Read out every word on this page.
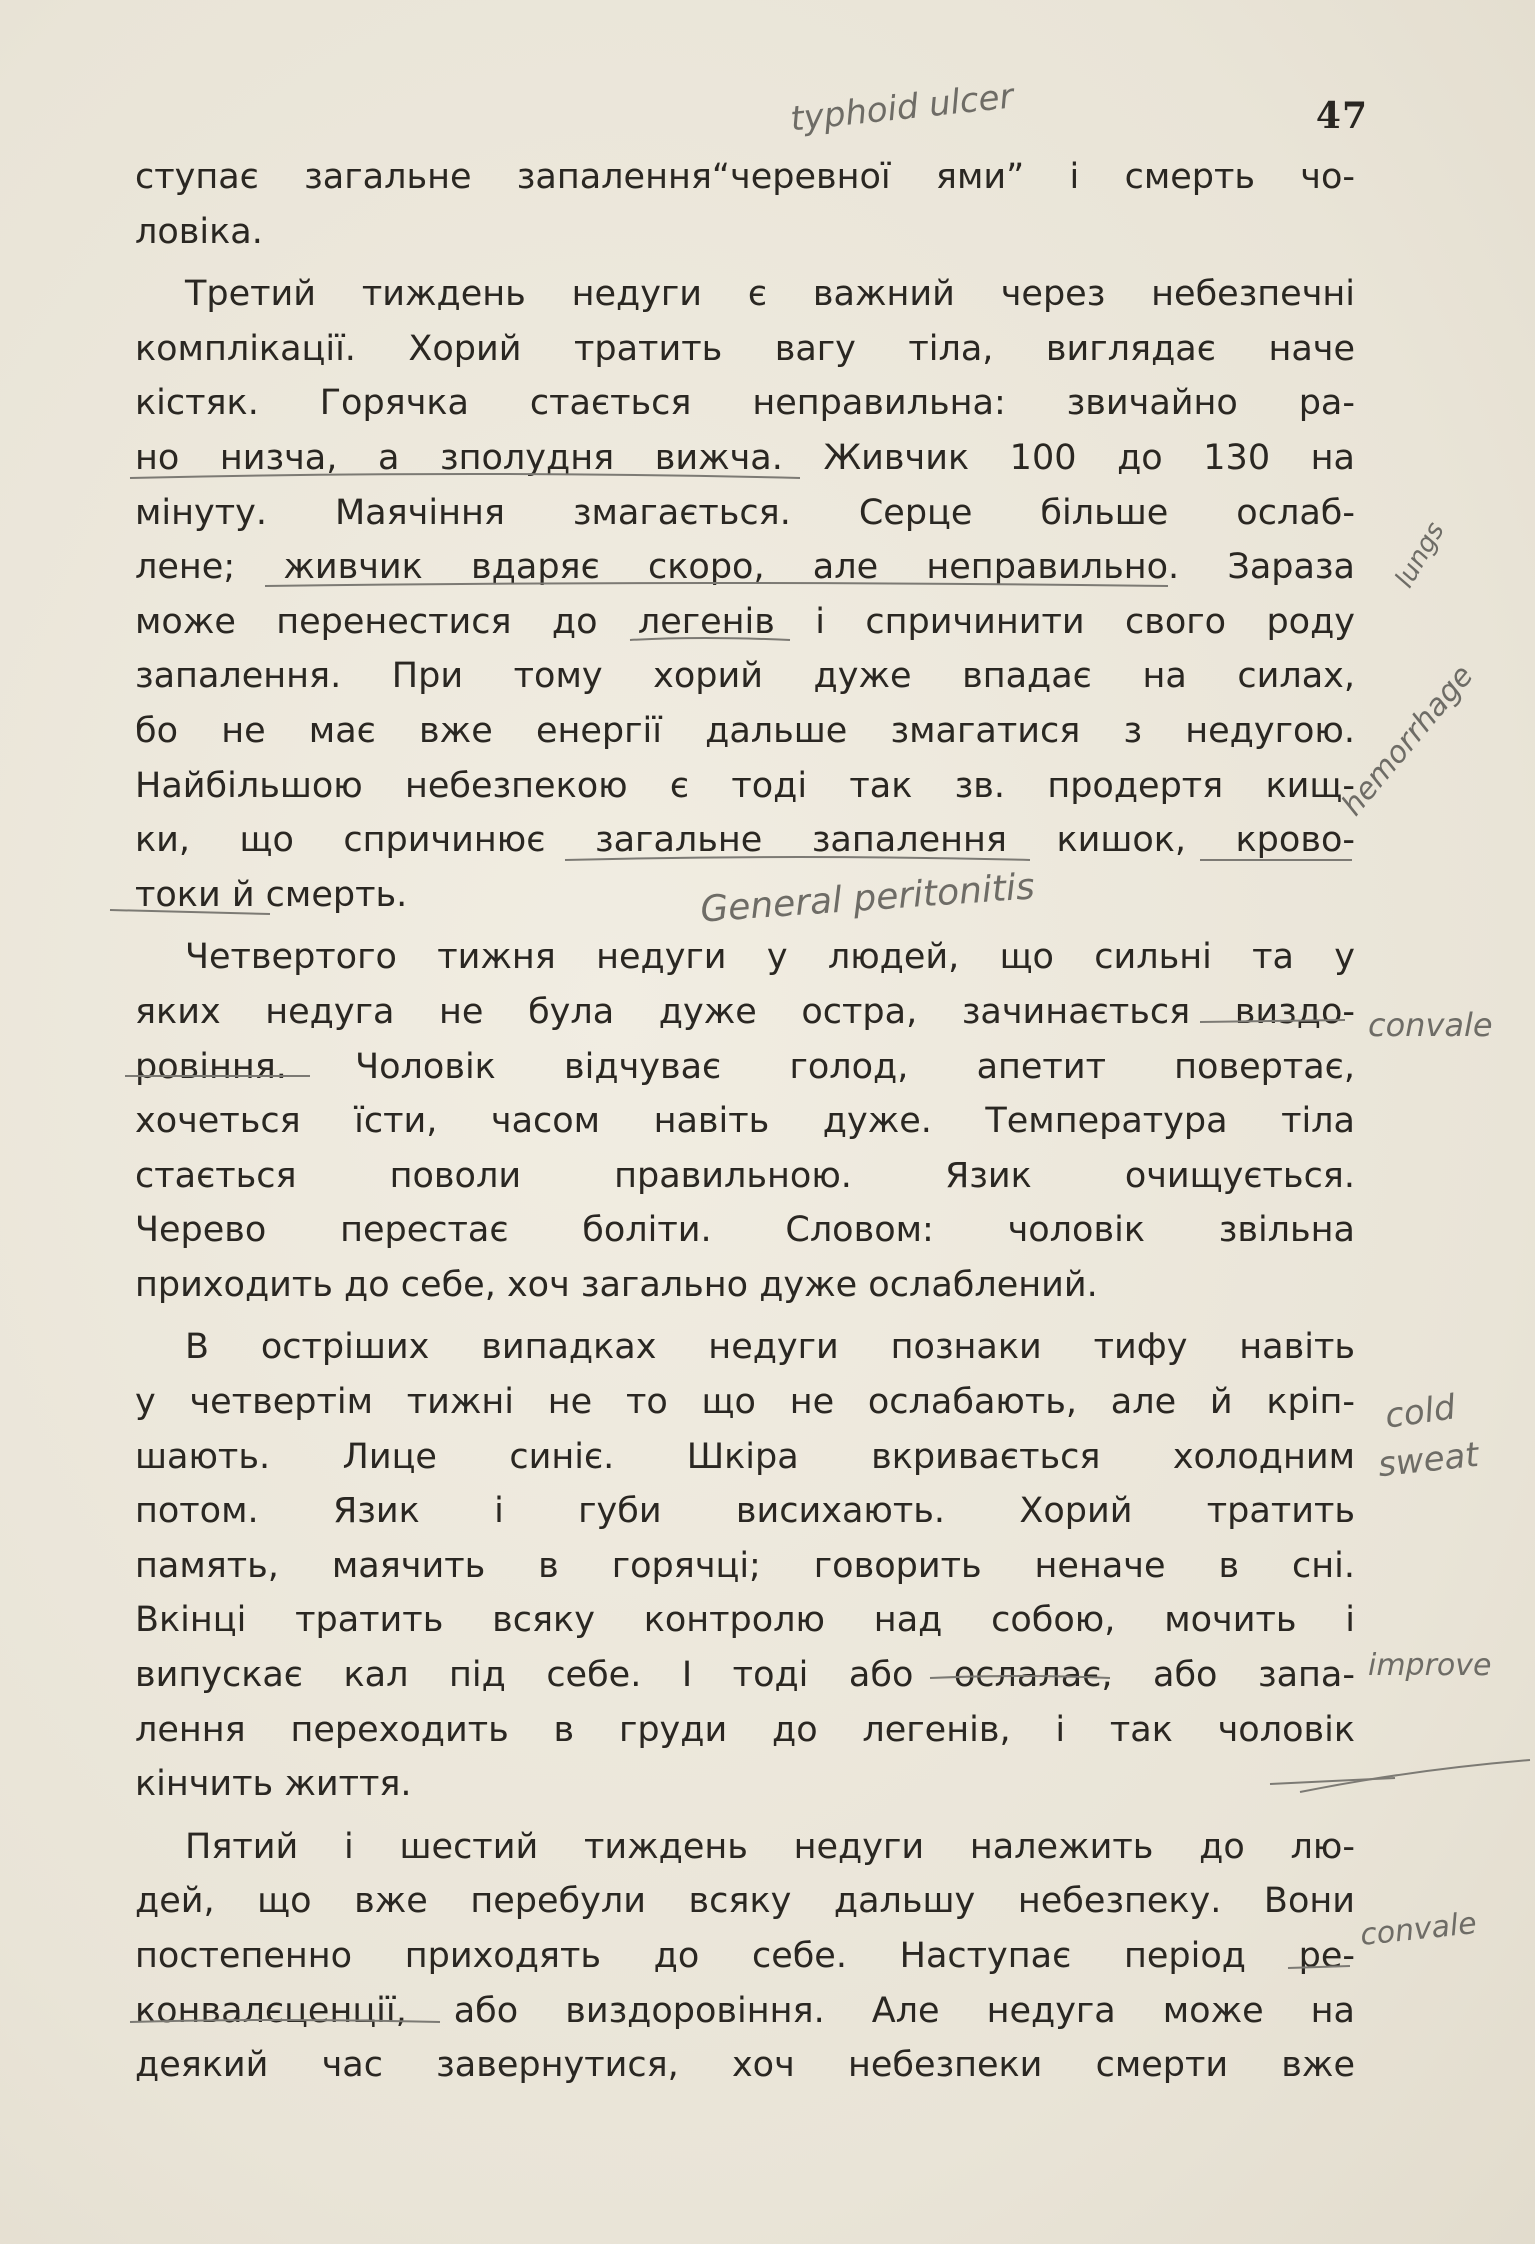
47
ступає загальне запалення“черевної ями” і смерть чо-
ловіка.
Третий тиждень недуги є важний через небезпечні
комплікації. Хорий тратить вагу тіла, виглядає наче
кістяк. Горячка стається неправильна: звичайно ра-
но низча, а зполудня вижча. Живчик 100 до 130 на
мінуту. Маячіння змагається. Серце більше ослаб-
лене; живчик вдаряє скоро, але неправильно. Зараза
може перенестися до легенів і спричинити свого роду
запалення. При тому хорий дуже впадає на силах,
бо не має вже енергії дальше змагатися з недугою.
Найбільшою небезпекою є тоді так зв. продертя кищ-
ки, що спричинює загальне запалення кишок, крово-
токи й смерть.
Четвертого тижня недуги у людей, що сильні та у
яких недуга не була дуже остра, зачинається виздо-
ровіння. Чоловік відчуває голод, апетит повертає,
хочеться їсти, часом навіть дуже. Температура тіла
стається поволи правильною. Язик очищується.
Черево перестає боліти. Словом: чоловік звільна
приходить до себе, хоч загально дуже ослаблений.
В остріших випадках недуги познаки тифу навіть
у четвертім тижні не то що не ослабають, але й кріп-
шають. Лице синіє. Шкіра вкривається холодним
потом. Язик і губи висихають. Хорий тратить
память, маячить в горячці; говорить неначе в сні.
Вкінці тратить всяку контролю над собою, мочить і
випускає кал під себе. І тоді або ослалає, або запа-
лення переходить в груди до легенів, і так чоловік
кінчить життя.
Пятий і шестий тиждень недуги належить до лю-
дей, що вже перебули всяку дальшу небезпеку. Вони
постепенно приходять до себе. Наступає період ре-
конвалєценції, або виздоровіння. Але недуга може на
деякий час завернутися, хоч небезпеки смерти вже
typhoid ulcer
General peritonitis
lungs
hemorrhage
convale
cold
sweat
improve
convale
